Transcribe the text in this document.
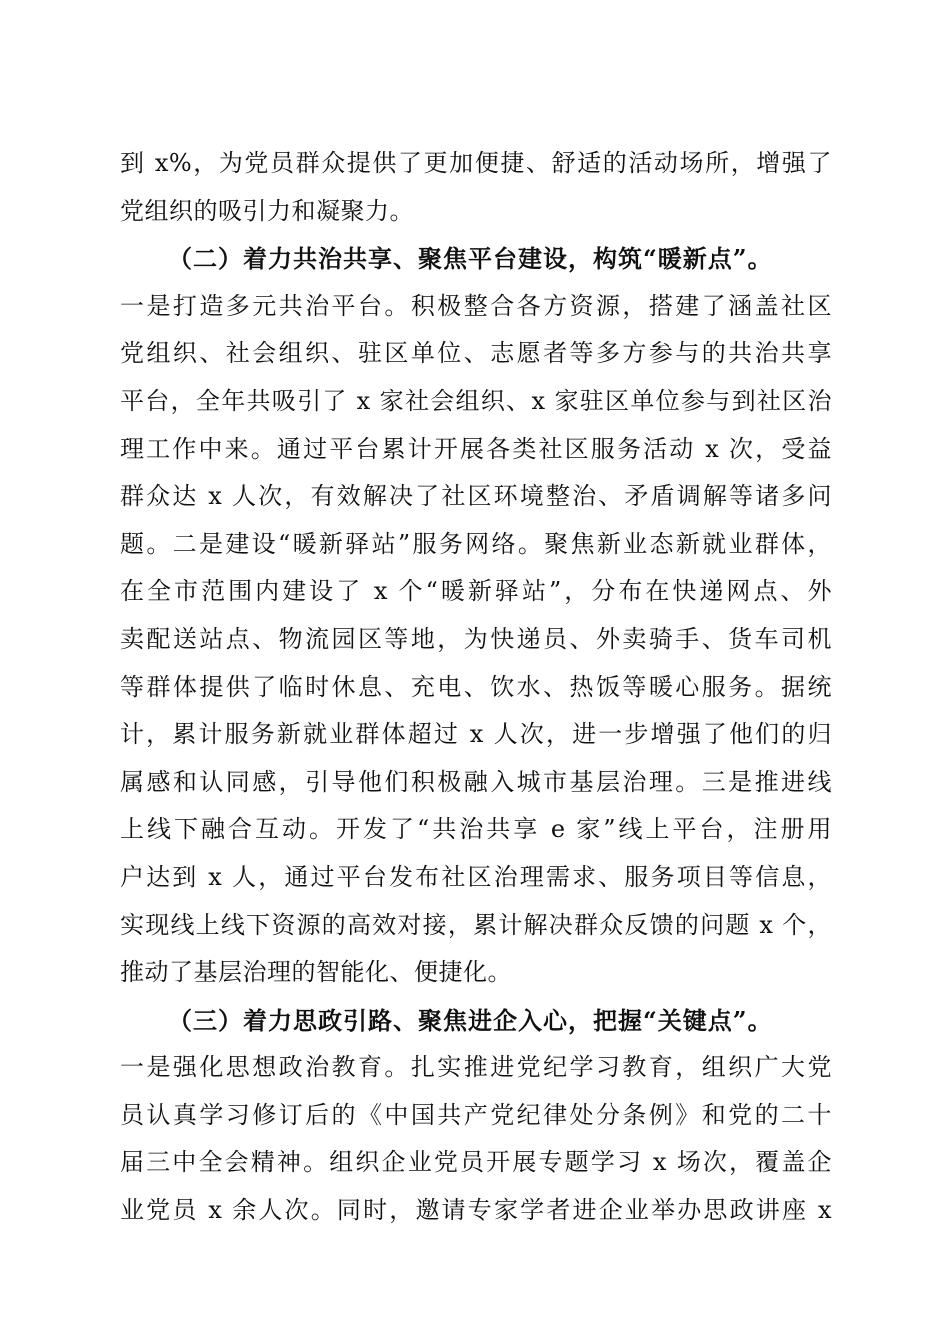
到 x%，为党员群众提供了更加便捷、舒适的活动场所，增强了
党组织的吸引力和凝聚力。
（二）着力共治共享、聚焦平台建设，构筑“暖新点”。
一是打造多元共治平台。积极整合各方资源，搭建了涵盖社区
党组织、社会组织、驻区单位、志愿者等多方参与的共治共享
平台，全年共吸引了 x 家社会组织、x 家驻区单位参与到社区治
理工作中来。通过平台累计开展各类社区服务活动 x 次，受益
群众达 x 人次，有效解决了社区环境整治、矛盾调解等诸多问
题。二是建设“暖新驿站”服务网络。聚焦新业态新就业群体，
在全市范围内建设了 x 个“暖新驿站”，分布在快递网点、外
卖配送站点、物流园区等地，为快递员、外卖骑手、货车司机
等群体提供了临时休息、充电、饮水、热饭等暖心服务。据统
计，累计服务新就业群体超过 x 人次，进一步增强了他们的归
属感和认同感，引导他们积极融入城市基层治理。三是推进线
上线下融合互动。开发了“共治共享 e 家”线上平台，注册用
户达到 x 人，通过平台发布社区治理需求、服务项目等信息，
实现线上线下资源的高效对接，累计解决群众反馈的问题 x 个，
推动了基层治理的智能化、便捷化。
（三）着力思政引路、聚焦进企入心，把握“关键点”。
一是强化思想政治教育。扎实推进党纪学习教育，组织广大党
员认真学习修订后的《中国共产党纪律处分条例》和党的二十
届三中全会精神。组织企业党员开展专题学习 x 场次，覆盖企
业党员 x 余人次。同时，邀请专家学者进企业举办思政讲座 x
